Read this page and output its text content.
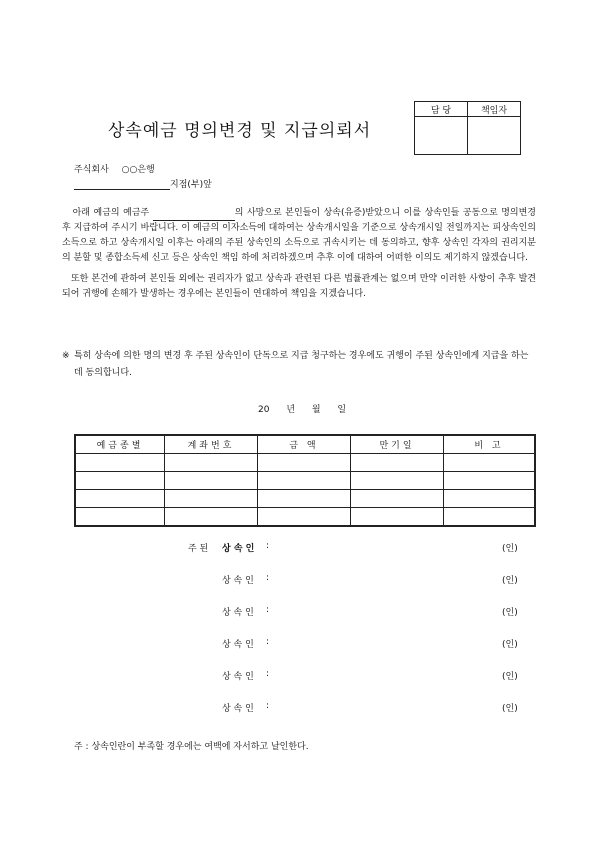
상속예금 명의변경 및 지급의뢰서
담 당	책임자

주식회사 ○○은행
지점(부)앞
아래 예금의 예금주	의 사망으로 본인들이 상속(유증)받았으니 이를 상속인들 공동으로 명의변경 후 지급하여 주시기 바랍니다. 이 예금의 이자소득에 대하여는 상속개시일을 기준으로 상속개시일 전일까지는 피상속인의 소득으로 하고 상속개시일 이후는 아래의 주된 상속인의 소득으로 귀속시키는 데 동의하고, 향후 상속인 각자의 권리지분의 분할 및 종합소득세 신고 등은 상속인 책임 하에 처리하겠으며 추후 이에 대하여 어떠한 이의도 제기하지 않겠습니다.
또한 본건에 관하여 본인들 외에는 권리자가 없고 상속과 관련된 다른 법률관계는 없으며 만약 이러한 사항이 추후 발견되어 귀행에 손해가 발생하는 경우에는 본인들이 연대하여 책임을 지겠습니다.
※ 특히 상속에 의한 명의 변경 후 주된 상속인이 단독으로 지급 청구하는 경우에도 귀행이 주된 상속인에게 지급을 하는데 동의합니다.
20 년 월 일
예금종별	계좌번호	금 액	만기일	비 고

주 된 상 속 인 :	(인)
상 속 인 :	(인)
상 속 인 :	(인)
상 속 인 :	(인)
상 속 인 :	(인)
상 속 인 :	(인)
주 : 상속인란이 부족할 경우에는 여백에 자서하고 날인한다.
